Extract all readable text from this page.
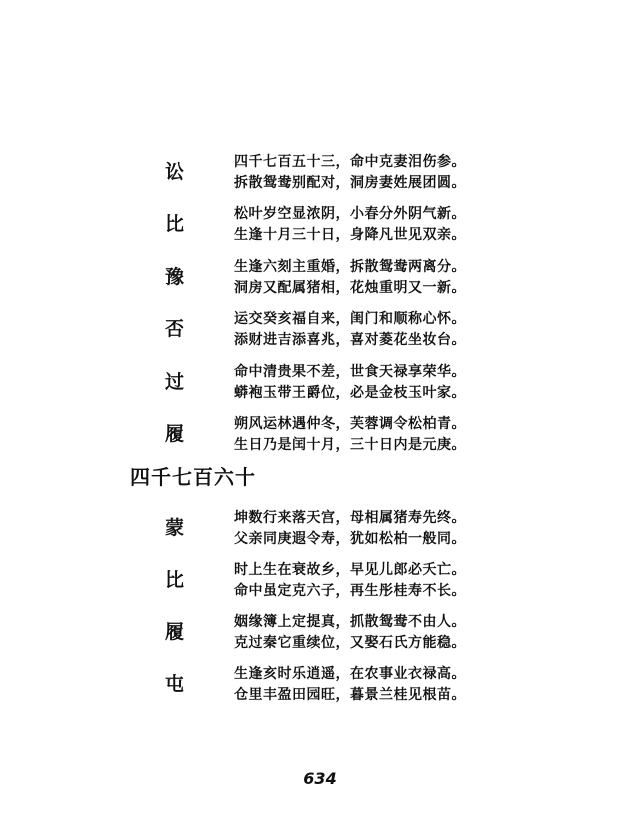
讼	四千七百五十三，命中克妻泪伤参。
拆散鸳鸯别配对，洞房妻姓展团圆。
比	松叶岁空显浓阴，小春分外阴气新。
生逢十月三十日，身降凡世见双亲。
豫	生逢六刻主重婚，拆散鸳鸯两离分。
洞房又配属猪相，花烛重明又一新。
否	运交癸亥福自来，闺门和顺称心怀。
添财进吉添喜兆，喜对菱花坐妆台。
过	命中清贵果不差，世食天禄享荣华。
蟒袍玉带王爵位，必是金枝玉叶家。
履	朔风运林遇仲冬，芙蓉调令松柏青。
生日乃是闰十月，三十日内是元庚。
四千七百六十
蒙	坤数行来落天宫，母相属猪寿先终。
父亲同庚遐令寿，犹如松柏一般同。
比	时上生在衰故乡，早见儿郎必夭亡。
命中虽定克六子，再生彤桂寿不长。
履	姻缘簿上定提真，抓散鸳鸯不由人。
克过秦它重续位，又娶石氏方能稳。
屯	生逢亥时乐逍遥，在农事业衣禄高。
仓里丰盈田园旺，暮景兰桂见根苗。
634
